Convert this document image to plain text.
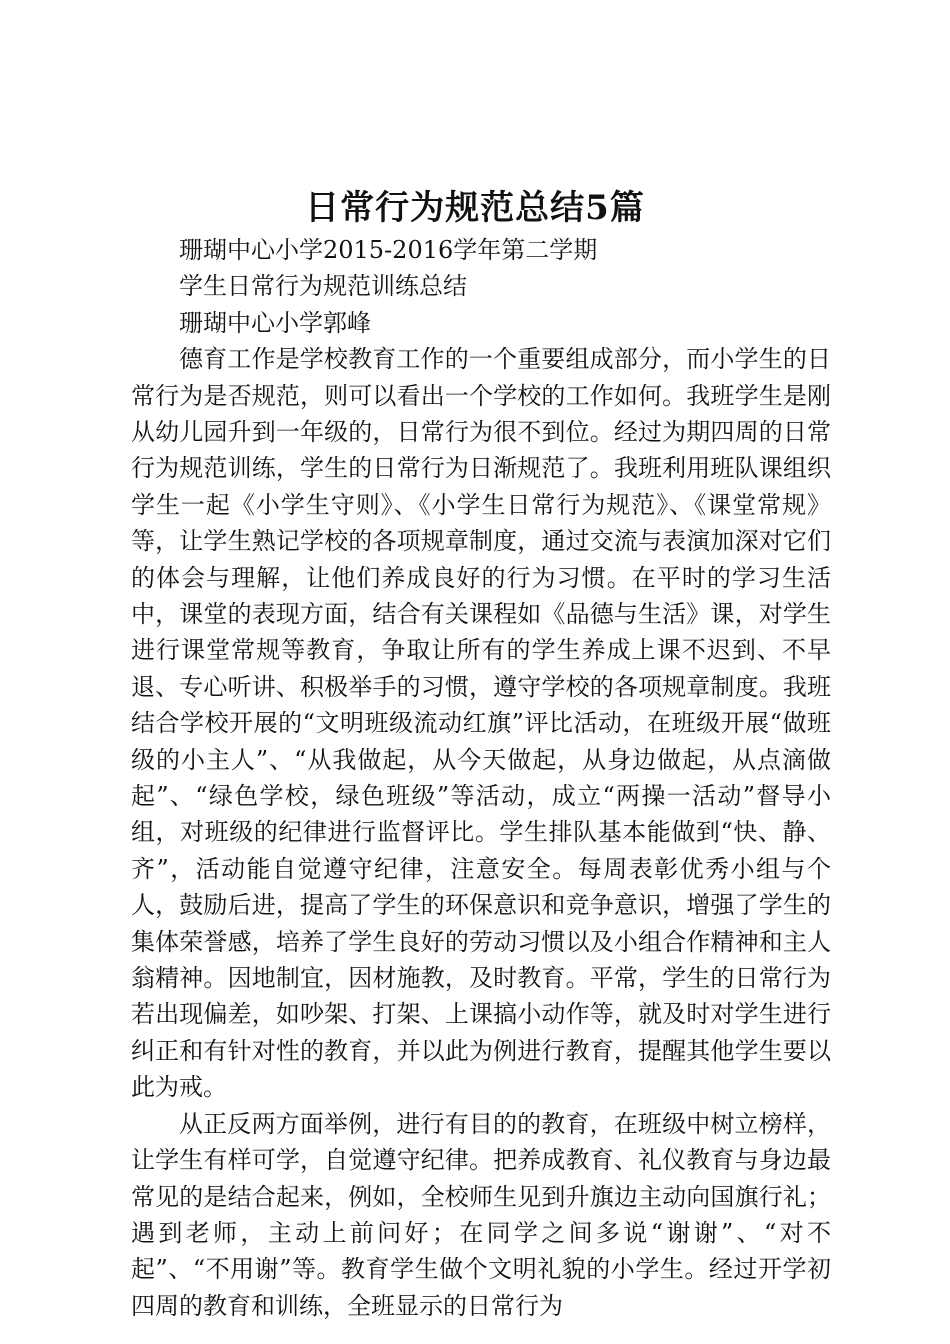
日常行为规范总结5篇

珊瑚中心小学2015-2016学年第二学期

学生日常行为规范训练总结

珊瑚中心小学郭峰

德育工作是学校教育工作的一个重要组成部分，而小学生的日常行为是否规范，则可以看出一个学校的工作如何。我班学生是刚从幼儿园升到一年级的，日常行为很不到位。经过为期四周的日常行为规范训练，学生的日常行为日渐规范了。我班利用班队课组织学生一起《小学生守则》、《小学生日常行为规范》、《课堂常规》等，让学生熟记学校的各项规章制度，通过交流与表演加深对它们的体会与理解，让他们养成良好的行为习惯。在平时的学习生活中，课堂的表现方面，结合有关课程如《品德与生活》课，对学生进行课堂常规等教育，争取让所有的学生养成上课不迟到、不早退、专心听讲、积极举手的习惯，遵守学校的各项规章制度。我班结合学校开展的“文明班级流动红旗”评比活动，在班级开展“做班级的小主人”、“从我做起，从今天做起，从身边做起，从点滴做起”、“绿色学校，绿色班级”等活动，成立“两操一活动”督导小组，对班级的纪律进行监督评比。学生排队基本能做到“快、静、齐”，活动能自觉遵守纪律，注意安全。每周表彰优秀小组与个人，鼓励后进，提高了学生的环保意识和竞争意识，增强了学生的集体荣誉感，培养了学生良好的劳动习惯以及小组合作精神和主人翁精神。因地制宜，因材施教，及时教育。平常，学生的日常行为若出现偏差，如吵架、打架、上课搞小动作等，就及时对学生进行纠正和有针对性的教育，并以此为例进行教育，提醒其他学生要以此为戒。

从正反两方面举例，进行有目的的教育，在班级中树立榜样，让学生有样可学，自觉遵守纪律。把养成教育、礼仪教育与身边最常见的是结合起来，例如，全校师生见到升旗边主动向国旗行礼；遇到老师，主动上前问好；在同学之间多说“谢谢”、“对不起”、“不用谢”等。教育学生做个文明礼貌的小学生。经过开学初四周的教育和训练，全班显示的日常行为
